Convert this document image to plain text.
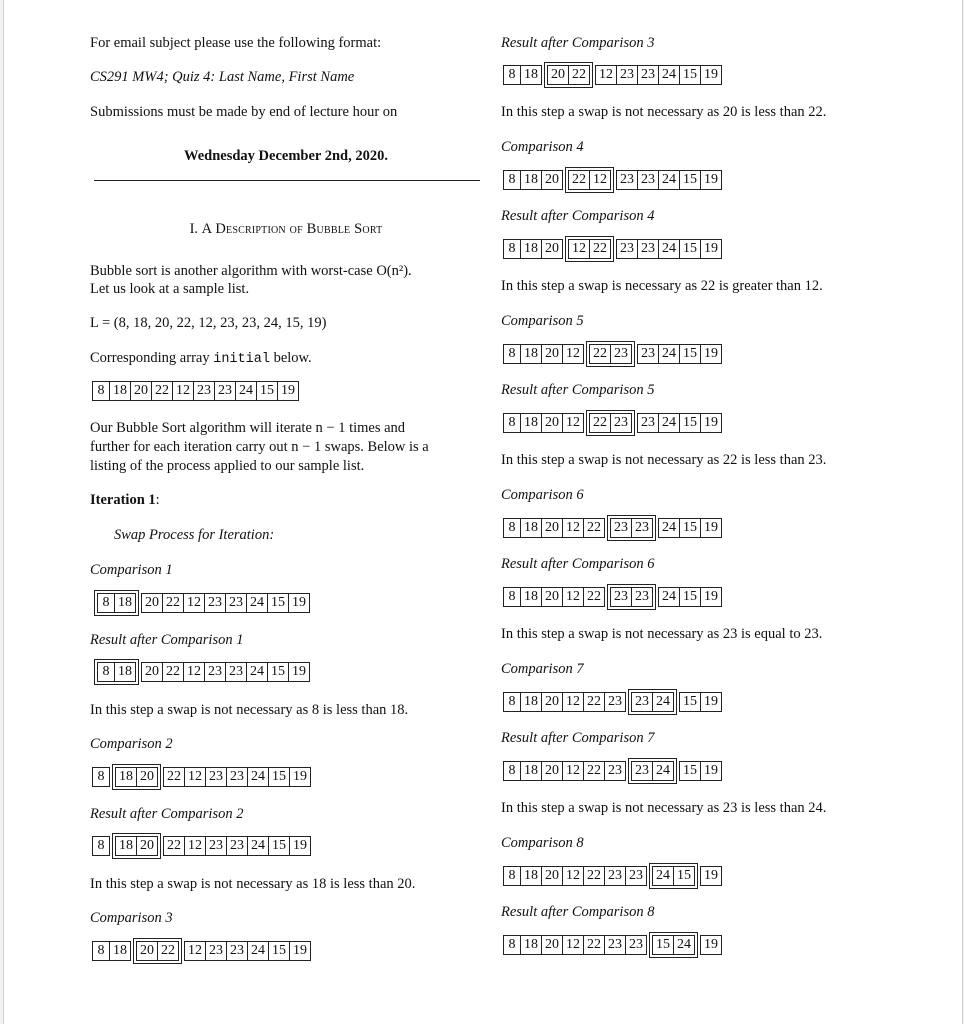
For email subject please use the following format:
CS291 MW4; Quiz 4: Last Name, First Name
Submissions must be made by end of lecture hour on
Wednesday December 2nd, 2020.
I. A Description of Bubble Sort
Bubble sort is another algorithm with worst-case O(n²).
Let us look at a sample list.
L = (8, 18, 20, 22, 12, 23, 23, 24, 15, 19)
Corresponding array initial below.
8 18 20 22 12 23 23 24 15 19
Our Bubble Sort algorithm will iterate n − 1 times and
further for each iteration carry out n − 1 swaps. Below is a
listing of the process applied to our sample list.
Iteration 1:
Swap Process for Iteration:
Comparison 1
8 18 20 22 12 23 23 24 15 19
Result after Comparison 1
8 18 20 22 12 23 23 24 15 19
In this step a swap is not necessary as 8 is less than 18.
Comparison 2
8	18 20 22 12 23 23 24 15 19
Result after Comparison 2
8	18 20 22 12 23 23 24 15 19
In this step a swap is not necessary as 18 is less than 20.
Comparison 3
8 18 20 22 12 23 23 24 15 19
Result after Comparison 3
8 18 20 22 12 23 23 24 15 19
In this step a swap is not necessary as 20 is less than 22.
Comparison 4
8 18 20 22 12 23 23 24 15 19
Result after Comparison 4
8 18 20 12 22 23 23 24 15 19
In this step a swap is necessary as 22 is greater than 12.
Comparison 5
8 18 20 12 22 23 23 24 15 19
Result after Comparison 5
8 18 20 12 22 23 23 24 15 19
In this step a swap is not necessary as 22 is less than 23.
Comparison 6
8 18 20 12 22 23 23 24 15 19
Result after Comparison 6
8 18 20 12 22 23 23 24 15 19
In this step a swap is not necessary as 23 is equal to 23.
Comparison 7
8 18 20 12 22 23 23 24 15 19
Result after Comparison 7
8 18 20 12 22 23 23 24 15 19
In this step a swap is not necessary as 23 is less than 24.
Comparison 8
8 18 20 12 22 23 23 24 15 19
Result after Comparison 8
8 18 20 12 22 23 23 15 24 19
